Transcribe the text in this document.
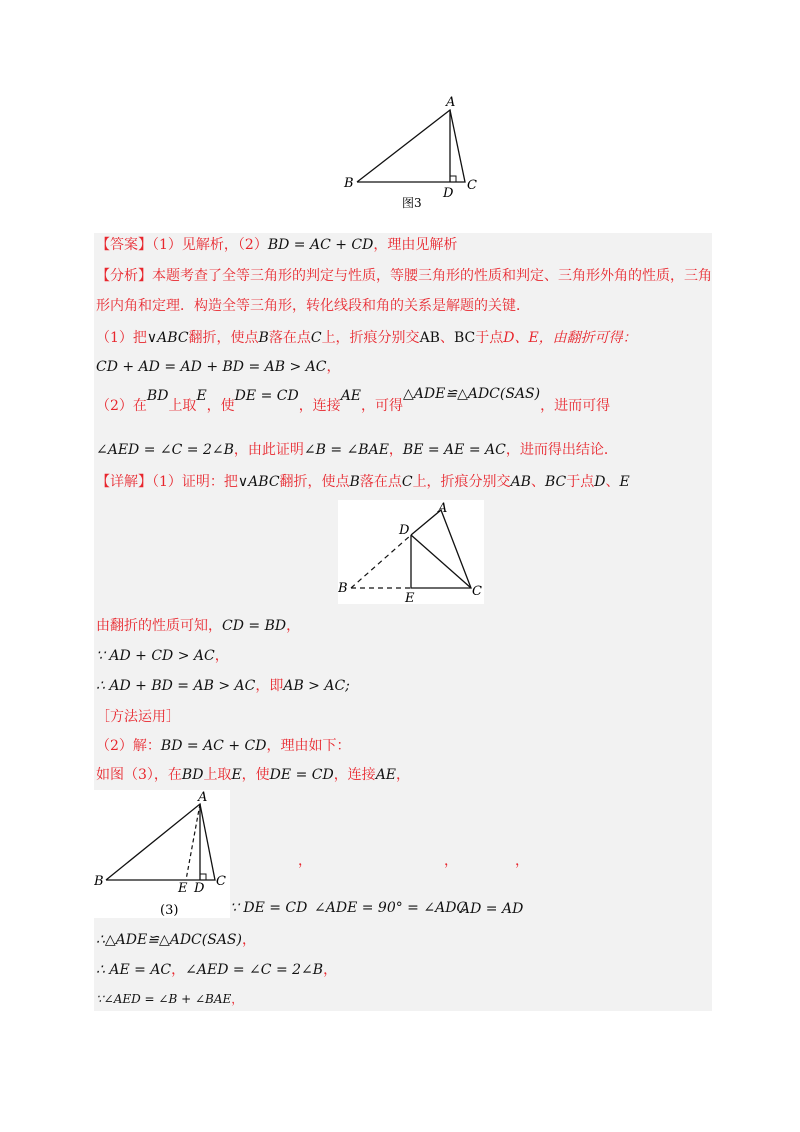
A
B	C
D
图3
【答案】（1）见解析，（2）BD = AC + CD，理由见解析
【分析】本题考查了全等三角形的判定与性质，等腰三角形的性质和判定、三角形外角的性质，三角
形内角和定理．构造全等三角形，转化线段和角的关系是解题的关键．
（1）把∨ABC翻折，使点B落在点C上，折痕分别交AB、BC于点D、E，由翻折可得：
CD + AD = AD + BD = AB > AC，
（2）在BD上取E，使DE = CD，连接AE，可得△ADE≌△ADC(SAS)，进而可得
∠AED = ∠C = 2∠B，由此证明∠B = ∠BAE，BE = AE = AC，进而得出结论．
【详解】（1）证明：把∨ABC翻折，使点B落在点C上，折痕分别交AB、BC于点D、E
A
B	C
D
E
由翻折的性质可知，CD = BD，
∵ AD + CD > AC，
∴ AD + BD = AB > AC，即AB > AC;
［方法运用］
（2）解：BD = AC + CD，理由如下：
如图（3），在BD上取E，使DE = CD，连接AE，
A
B	C
D
E
(3)
，	，	，
∵ DE = CD ∠ADE = 90° = ∠ADC
AD = AD
∴△ADE≌△ADC(SAS)，
∴ AE = AC，∠AED = ∠C = 2∠B，
∵∠AED = ∠B + ∠BAE，
